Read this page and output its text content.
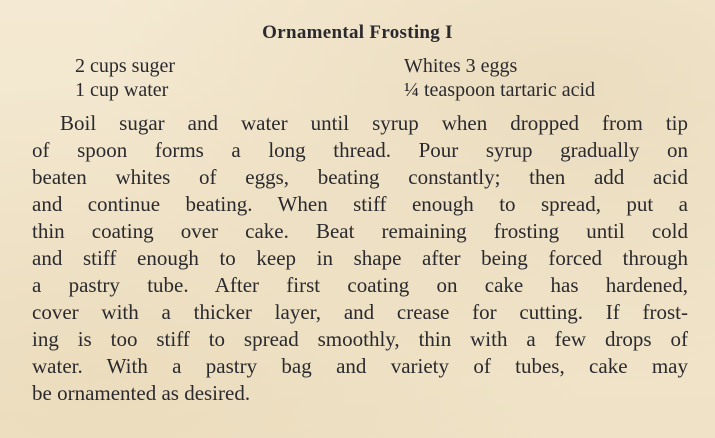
Ornamental Frosting I
2 cups suger
1 cup water
Whites 3 eggs
¼ teaspoon tartaric acid
Boil sugar and water until syrup when dropped from tip
of spoon forms a long thread. Pour syrup gradually on
beaten whites of eggs, beating constantly; then add acid
and continue beating. When stiff enough to spread, put a
thin coating over cake. Beat remaining frosting until cold
and stiff enough to keep in shape after being forced through
a pastry tube. After first coating on cake has hardened,
cover with a thicker layer, and crease for cutting. If frost-
ing is too stiff to spread smoothly, thin with a few drops of
water. With a pastry bag and variety of tubes, cake may
be ornamented as desired.
